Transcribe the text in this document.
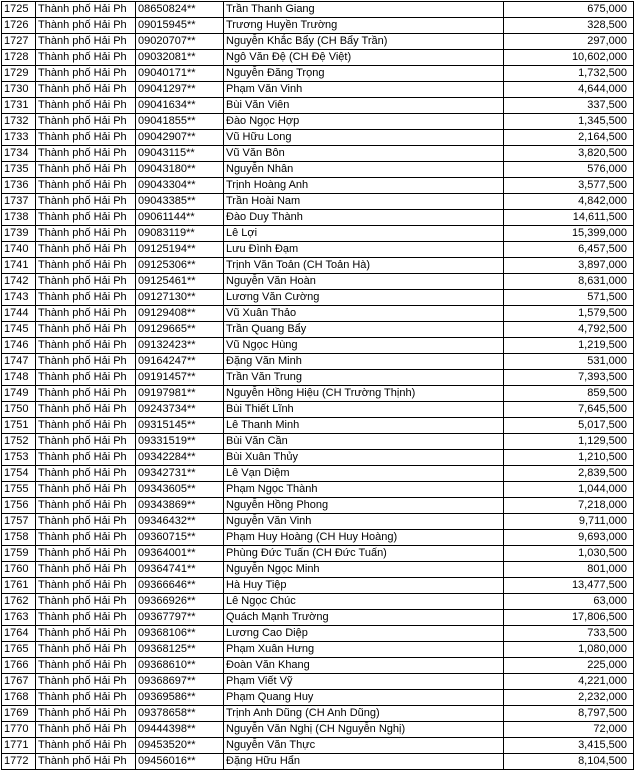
1725	Thành phố Hải Ph	08650824**	Trần Thanh Giang	675,000
1726	Thành phố Hải Ph	09015945**	Trương Huyền Trường	328,500
1727	Thành phố Hải Ph	09020707**	Nguyễn Khắc Bẩy (CH Bẩy Trần)	297,000
1728	Thành phố Hải Ph	09032081**	Ngô Văn Đệ (CH Đệ Việt)	10,602,000
1729	Thành phố Hải Ph	09040171**	Nguyễn Đăng Trọng	1,732,500
1730	Thành phố Hải Ph	09041297**	Phạm Văn Vinh	4,644,000
1731	Thành phố Hải Ph	09041634**	Bùi Văn Viên	337,500
1732	Thành phố Hải Ph	09041855**	Đào Ngọc Hợp	1,345,500
1733	Thành phố Hải Ph	09042907**	Vũ Hữu Long	2,164,500
1734	Thành phố Hải Ph	09043115**	Vũ Văn Bôn	3,820,500
1735	Thành phố Hải Ph	09043180**	Nguyễn Nhân	576,000
1736	Thành phố Hải Ph	09043304**	Trịnh Hoàng Anh	3,577,500
1737	Thành phố Hải Ph	09043385**	Trần Hoài Nam	4,842,000
1738	Thành phố Hải Ph	09061144**	Đào Duy Thành	14,611,500
1739	Thành phố Hải Ph	09083119**	Lê Lợi	15,399,000
1740	Thành phố Hải Ph	09125194**	Lưu Đình Đạm	6,457,500
1741	Thành phố Hải Ph	09125306**	Trịnh Văn Toản (CH Toản Hà)	3,897,000
1742	Thành phố Hải Ph	09125461**	Nguyễn Văn Hoàn	8,631,000
1743	Thành phố Hải Ph	09127130**	Lương Văn Cường	571,500
1744	Thành phố Hải Ph	09129408**	Vũ Xuân Thảo	1,579,500
1745	Thành phố Hải Ph	09129665**	Trần Quang Bẩy	4,792,500
1746	Thành phố Hải Ph	09132423**	Vũ Ngọc Hùng	1,219,500
1747	Thành phố Hải Ph	09164247**	Đặng Văn Minh	531,000
1748	Thành phố Hải Ph	09191457**	Trần Văn Trung	7,393,500
1749	Thành phố Hải Ph	09197981**	Nguyễn Hồng Hiệu (CH Trường Thịnh)	859,500
1750	Thành phố Hải Ph	09243734**	Bùi Thiết Lĩnh	7,645,500
1751	Thành phố Hải Ph	09315145**	Lê Thanh Minh	5,017,500
1752	Thành phố Hải Ph	09331519**	Bùi Văn Cần	1,129,500
1753	Thành phố Hải Ph	09342284**	Bùi Xuân Thủy	1,210,500
1754	Thành phố Hải Ph	09342731**	Lê Vạn Diệm	2,839,500
1755	Thành phố Hải Ph	09343605**	Phạm Ngọc Thành	1,044,000
1756	Thành phố Hải Ph	09343869**	Nguyễn Hồng Phong	7,218,000
1757	Thành phố Hải Ph	09346432**	Nguyễn Văn Vinh	9,711,000
1758	Thành phố Hải Ph	09360715**	Phạm Huy Hoàng (CH Huy Hoàng)	9,693,000
1759	Thành phố Hải Ph	09364001**	Phùng Đức Tuấn (CH Đức Tuấn)	1,030,500
1760	Thành phố Hải Ph	09364741**	Nguyễn Ngọc Minh	801,000
1761	Thành phố Hải Ph	09366646**	Hà Huy Tiệp	13,477,500
1762	Thành phố Hải Ph	09366926**	Lê Ngọc Chúc	63,000
1763	Thành phố Hải Ph	09367797**	Quách Mạnh Trường	17,806,500
1764	Thành phố Hải Ph	09368106**	Lương Cao Diệp	733,500
1765	Thành phố Hải Ph	09368125**	Phạm Xuân Hưng	1,080,000
1766	Thành phố Hải Ph	09368610**	Đoàn Văn Khang	225,000
1767	Thành phố Hải Ph	09368697**	Phạm Viết Vỹ	4,221,000
1768	Thành phố Hải Ph	09369586**	Phạm Quang Huy	2,232,000
1769	Thành phố Hải Ph	09378658**	Trịnh Anh Dũng (CH Anh Dũng)	8,797,500
1770	Thành phố Hải Ph	09444398**	Nguyễn Văn Nghị (CH Nguyễn Nghị)	72,000
1771	Thành phố Hải Ph	09453520**	Nguyễn Văn Thực	3,415,500
1772	Thành phố Hải Ph	09456016**	Đặng Hữu Hẩn	8,104,500
